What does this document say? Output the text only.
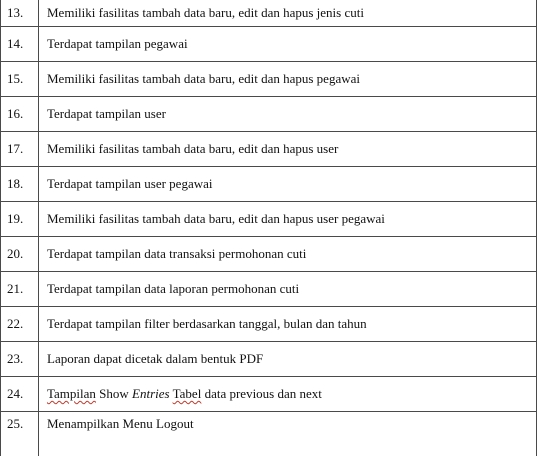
13.	Memiliki fasilitas tambah data baru, edit dan hapus jenis cuti
14.	Terdapat tampilan pegawai
15.	Memiliki fasilitas tambah data baru, edit dan hapus pegawai
16.	Terdapat tampilan user
17.	Memiliki fasilitas tambah data baru, edit dan hapus user
18.	Terdapat tampilan user pegawai
19.	Memiliki fasilitas tambah data baru, edit dan hapus user pegawai
20.	Terdapat tampilan data transaksi permohonan cuti
21.	Terdapat tampilan data laporan permohonan cuti
22.	Terdapat tampilan filter berdasarkan tanggal, bulan dan tahun
23.	Laporan dapat dicetak dalam bentuk PDF
24.	Tampilan Show Entries Tabel data previous dan next
25.	Menampilkan Menu Logout
